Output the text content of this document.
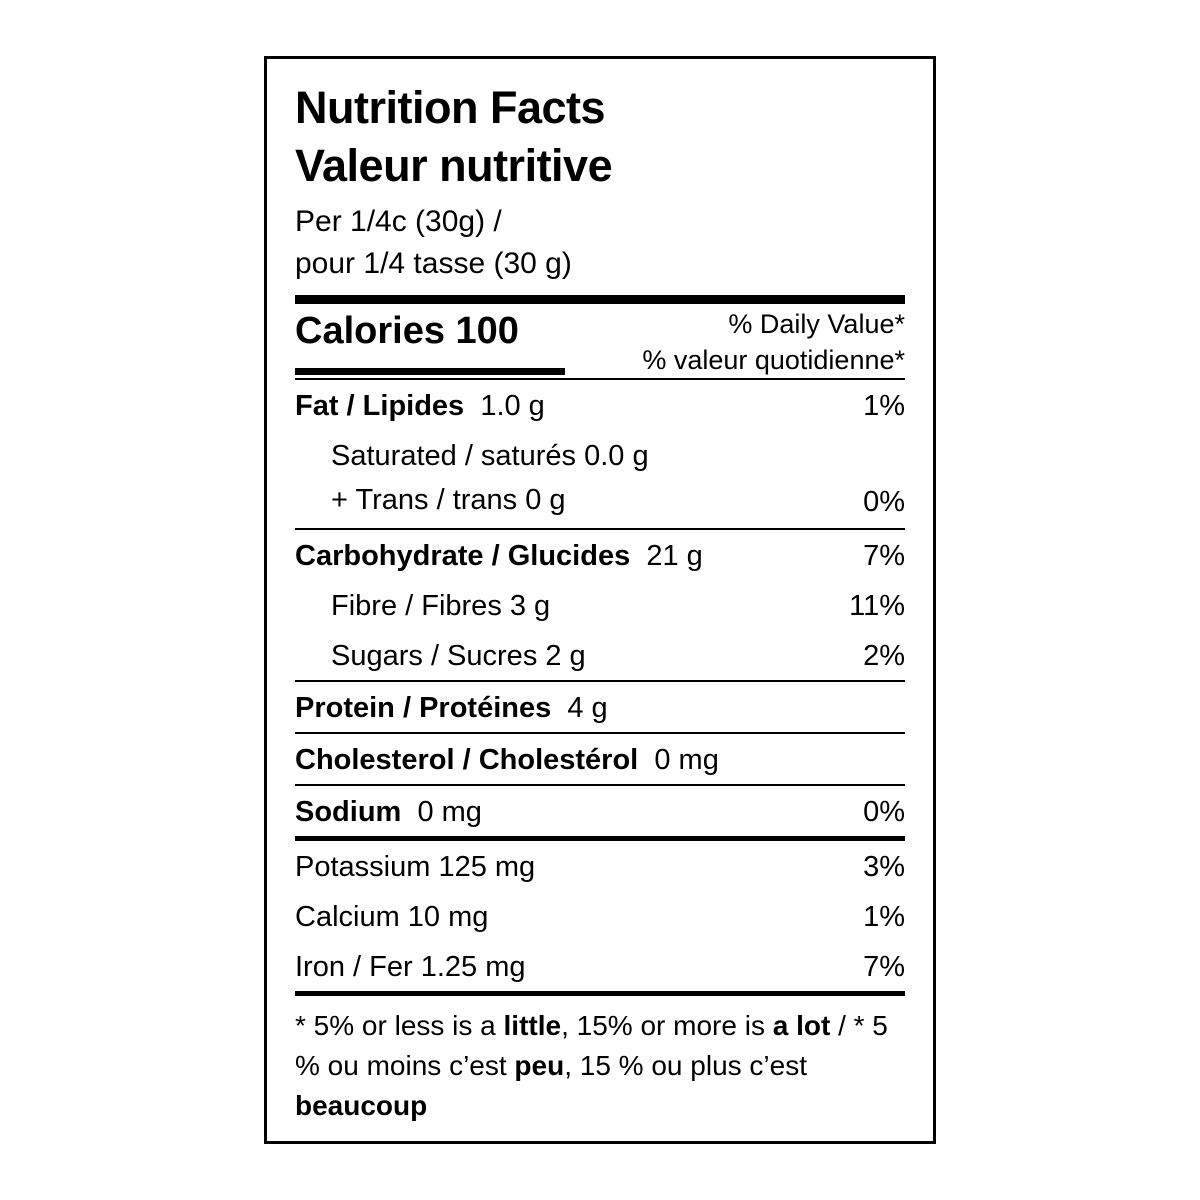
Nutrition Facts
Valeur nutritive
Per 1/4c (30g) /
pour 1/4 tasse (30 g)
Calories 100	% Daily Value*
% valeur quotidienne*
Fat / Lipides 1.0 g	1%
Saturated / saturés 0.0 g
+ Trans / trans 0 g	0%
Carbohydrate / Glucides 21 g	7%
Fibre / Fibres 3 g	11%
Sugars / Sucres 2 g	2%
Protein / Protéines 4 g
Cholesterol / Cholestérol 0 mg
Sodium 0 mg	0%
Potassium 125 mg	3%
Calcium 10 mg	1%
Iron / Fer 1.25 mg	7%
* 5% or less is a little, 15% or more is a lot / * 5 % ou moins c’est peu, 15 % ou plus c’est beaucoup
